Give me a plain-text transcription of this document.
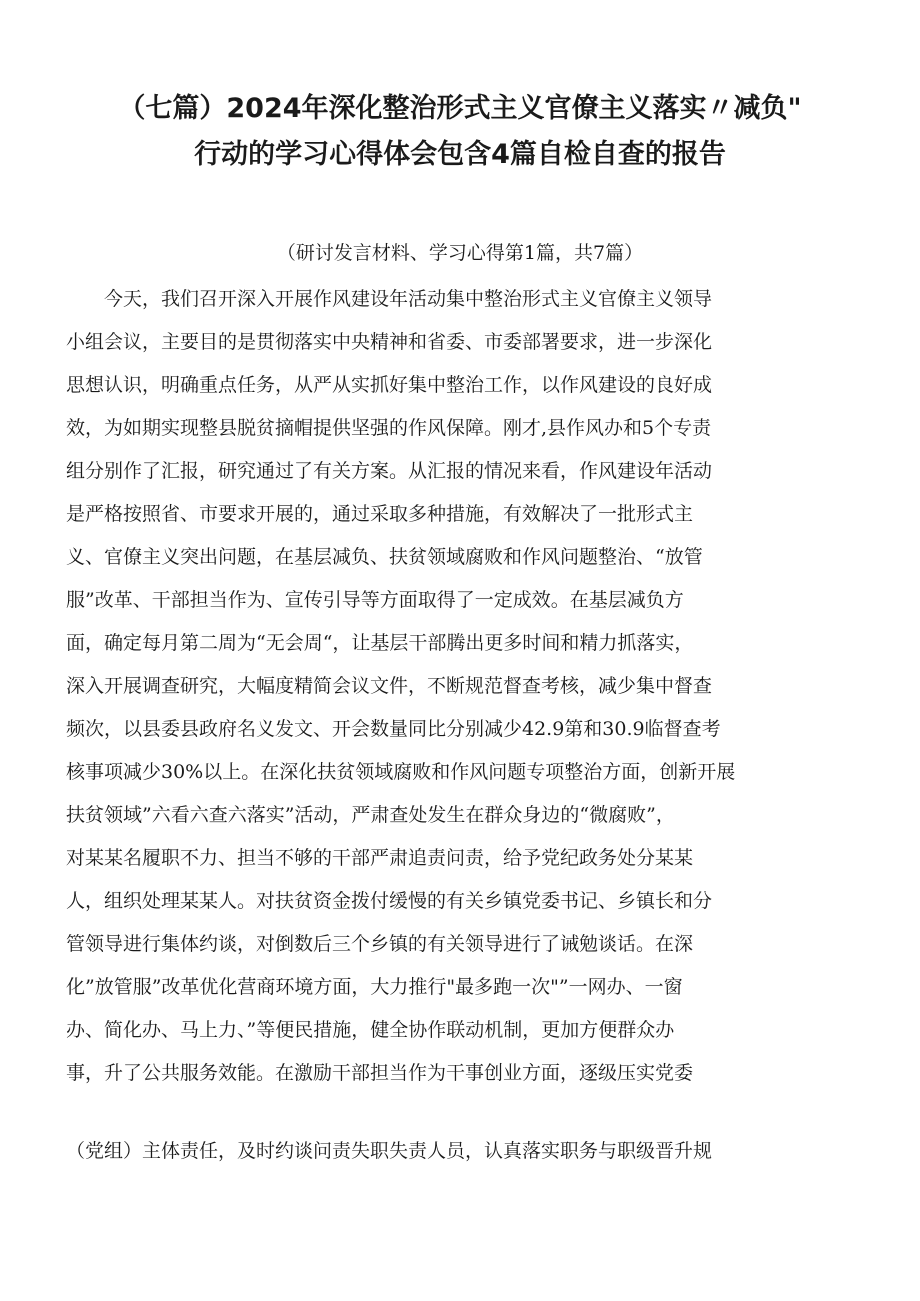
（七篇）2024年深化整治形式主义官僚主义落实〃减负"
行动的学习心得体会包含4篇自检自查的报告
（研讨发言材料、学习心得第1篇，共7篇）
今天，我们召开深入开展作风建设年活动集中整治形式主义官僚主义领导
小组会议，主要目的是贯彻落实中央精神和省委、市委部署要求，进一步深化
思想认识，明确重点任务，从严从实抓好集中整治工作，以作风建设的良好成
效，为如期实现整县脱贫摘帽提供坚强的作风保障。刚才,县作风办和5个专责
组分别作了汇报，研究通过了有关方案。从汇报的情况来看，作风建设年活动
是严格按照省、市要求开展的，通过采取多种措施，有效解决了一批形式主
义、官僚主义突出问题，在基层减负、扶贫领域腐败和作风问题整治、“放管
服”改革、干部担当作为、宣传引导等方面取得了一定成效。在基层减负方
面，确定每月第二周为“无会周“，让基层干部腾出更多时间和精力抓落实，
深入开展调查研究，大幅度精简会议文件，不断规范督查考核，减少集中督查
频次，以县委县政府名义发文、开会数量同比分别减少42.9第和30.9临督查考
核事项减少30%以上。在深化扶贫领域腐败和作风问题专项整治方面，创新开展
扶贫领域”六看六查六落实”活动，严肃查处发生在群众身边的“微腐败”，
对某某名履职不力、担当不够的干部严肃追责问责，给予党纪政务处分某某
人，组织处理某某人。对扶贫资金拨付缓慢的有关乡镇党委书记、乡镇长和分
管领导进行集体约谈，对倒数后三个乡镇的有关领导进行了诫勉谈话。在深
化”放管服”改革优化营商环境方面，大力推行"最多跑一次"”一网办、一窗
办、简化办、马上力、”等便民措施，健全协作联动机制，更加方便群众办
事，升了公共服务效能。在激励干部担当作为干事创业方面，逐级压实党委
（党组）主体责任，及时约谈问责失职失责人员，认真落实职务与职级晋升规
